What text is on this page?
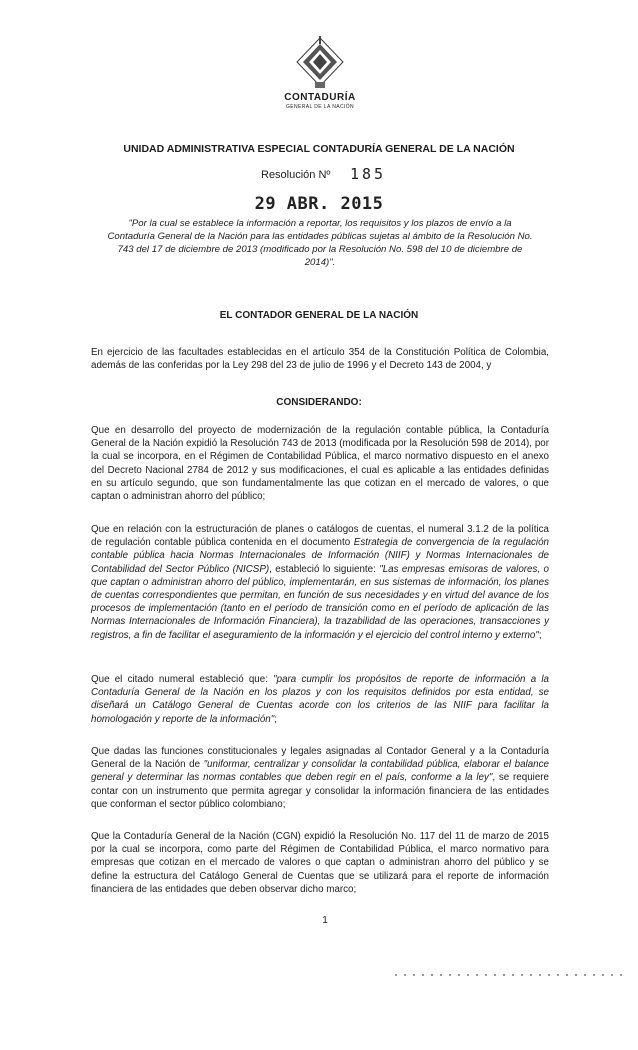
CONTADURÍA
GENERAL DE LA NACIÓN
UNIDAD ADMINISTRATIVA ESPECIAL CONTADURÍA GENERAL DE LA NACIÓN
Resolución Nº 185
29 ABR. 2015
"Por la cual se establece la información a reportar, los requisitos y los plazos de envío a la Contaduría General de la Nación para las entidades públicas sujetas al ámbito de la Resolución No. 743 del 17 de diciembre de 2013 (modificado por la Resolución No. 598 del 10 de diciembre de 2014)".
EL CONTADOR GENERAL DE LA NACIÓN
En ejercicio de las facultades establecidas en el artículo 354 de la Constitución Política de Colombia, además de las conferidas por la Ley 298 del 23 de julio de 1996 y el Decreto 143 de 2004, y
CONSIDERANDO:
Que en desarrollo del proyecto de modernización de la regulación contable pública, la Contaduría General de la Nación expidió la Resolución 743 de 2013 (modificada por la Resolución 598 de 2014), por la cual se incorpora, en el Régimen de Contabilidad Pública, el marco normativo dispuesto en el anexo del Decreto Nacional 2784 de 2012 y sus modificaciones, el cual es aplicable a las entidades definidas en su artículo segundo, que son fundamentalmente las que cotizan en el mercado de valores, o que captan o administran ahorro del público;
Que en relación con la estructuración de planes o catálogos de cuentas, el numeral 3.1.2 de la política de regulación contable pública contenida en el documento Estrategia de convergencia de la regulación contable pública hacia Normas Internacionales de Información (NIIF) y Normas Internacionales de Contabilidad del Sector Público (NICSP), estableció lo siguiente: "Las empresas emisoras de valores, o que captan o administran ahorro del público, implementarán, en sus sistemas de información, los planes de cuentas correspondientes que permitan, en función de sus necesidades y en virtud del avance de los procesos de implementación (tanto en el período de transición como en el período de aplicación de las Normas Internacionales de Información Financiera), la trazabilidad de las operaciones, transacciones y registros, a fin de facilitar el aseguramiento de la información y el ejercicio del control interno y externo";
Que el citado numeral estableció que: "para cumplir los propósitos de reporte de información a la Contaduría General de la Nación en los plazos y con los requisitos definidos por esta entidad, se diseñará un Catálogo General de Cuentas acorde con los criterios de las NIIF para facilitar la homologación y reporte de la información";
Que dadas las funciones constitucionales y legales asignadas al Contador General y a la Contaduría General de la Nación de "uniformar, centralizar y consolidar la contabilidad pública, elaborar el balance general y determinar las normas contables que deben regir en el país, conforme a la ley", se requiere contar con un instrumento que permita agregar y consolidar la información financiera de las entidades que conforman el sector público colombiano;
Que la Contaduría General de la Nación (CGN) expidió la Resolución No. 117 del 11 de marzo de 2015 por la cual se incorpora, como parte del Régimen de Contabilidad Pública, el marco normativo para empresas que cotizan en el mercado de valores o que captan o administran ahorro del público y se define la estructura del Catálogo General de Cuentas que se utilizará para el reporte de información financiera de las entidades que deben observar dicho marco;
1
